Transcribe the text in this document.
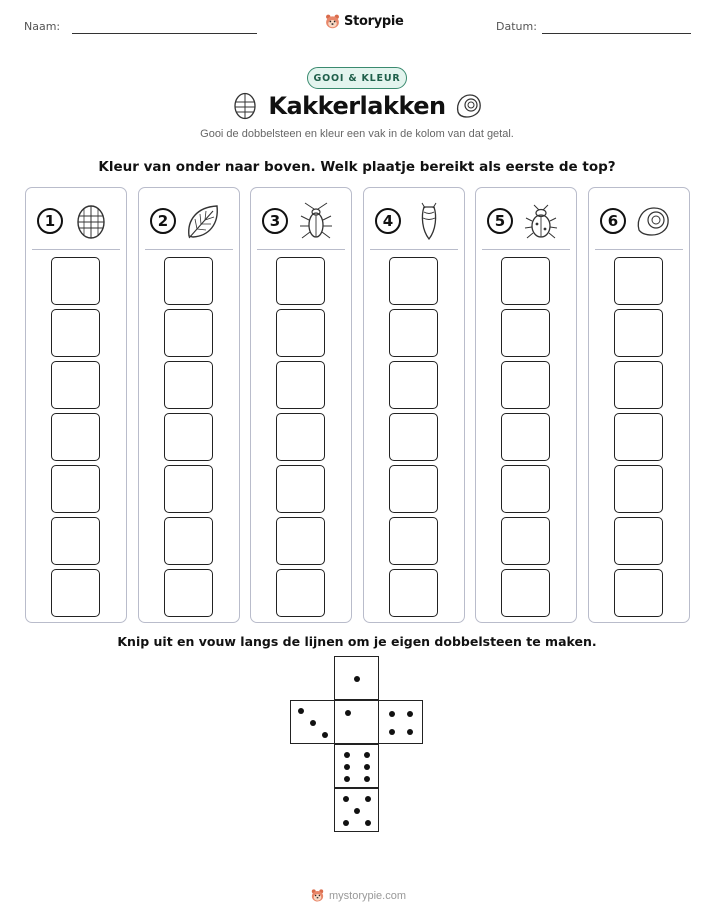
Naam:	Datum:
Storypie
GOOI & KLEUR
Kakkerlakken
Gooi de dobbelsteen en kleur een vak in de kolom van dat getal.
Kleur van onder naar boven. Welk plaatje bereikt als eerste de top?
1	2	3	4	5	6
Knip uit en vouw langs de lijnen om je eigen dobbelsteen te maken.
mystorypie.com
